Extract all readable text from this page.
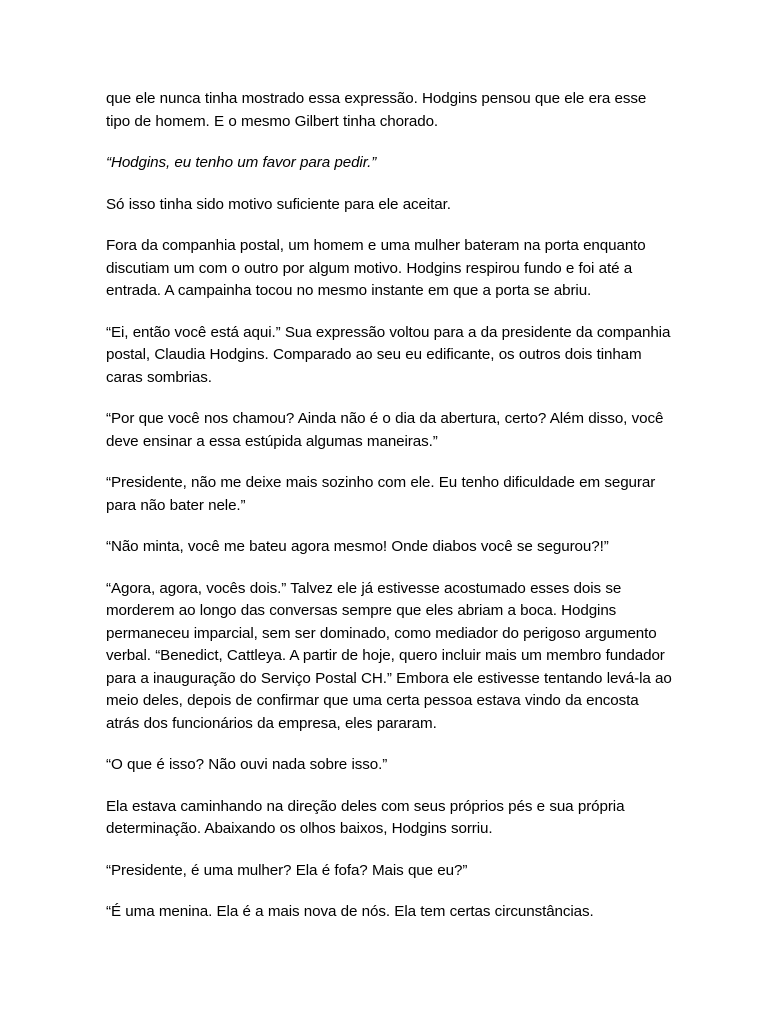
que ele nunca tinha mostrado essa expressão. Hodgins pensou que ele era esse tipo de homem. E o mesmo Gilbert tinha chorado.

“Hodgins, eu tenho um favor para pedir.”

Só isso tinha sido motivo suficiente para ele aceitar.

Fora da companhia postal, um homem e uma mulher bateram na porta enquanto discutiam um com o outro por algum motivo. Hodgins respirou fundo e foi até a entrada. A campainha tocou no mesmo instante em que a porta se abriu.

“Ei, então você está aqui.” Sua expressão voltou para a da presidente da companhia postal, Claudia Hodgins. Comparado ao seu eu edificante, os outros dois tinham caras sombrias.

“Por que você nos chamou? Ainda não é o dia da abertura, certo? Além disso, você deve ensinar a essa estúpida algumas maneiras.”

“Presidente, não me deixe mais sozinho com ele. Eu tenho dificuldade em segurar para não bater nele.”

“Não minta, você me bateu agora mesmo! Onde diabos você se segurou?!”

“Agora, agora, vocês dois.” Talvez ele já estivesse acostumado esses dois se morderem ao longo das conversas sempre que eles abriam a boca. Hodgins permaneceu imparcial, sem ser dominado, como mediador do perigoso argumento verbal. “Benedict, Cattleya. A partir de hoje, quero incluir mais um membro fundador para a inauguração do Serviço Postal CH.” Embora ele estivesse tentando levá-la ao meio deles, depois de confirmar que uma certa pessoa estava vindo da encosta atrás dos funcionários da empresa, eles pararam.

“O que é isso? Não ouvi nada sobre isso.”

Ela estava caminhando na direção deles com seus próprios pés e sua própria determinação. Abaixando os olhos baixos, Hodgins sorriu.

“Presidente, é uma mulher? Ela é fofa? Mais que eu?”

“É uma menina. Ela é a mais nova de nós. Ela tem certas circunstâncias.
